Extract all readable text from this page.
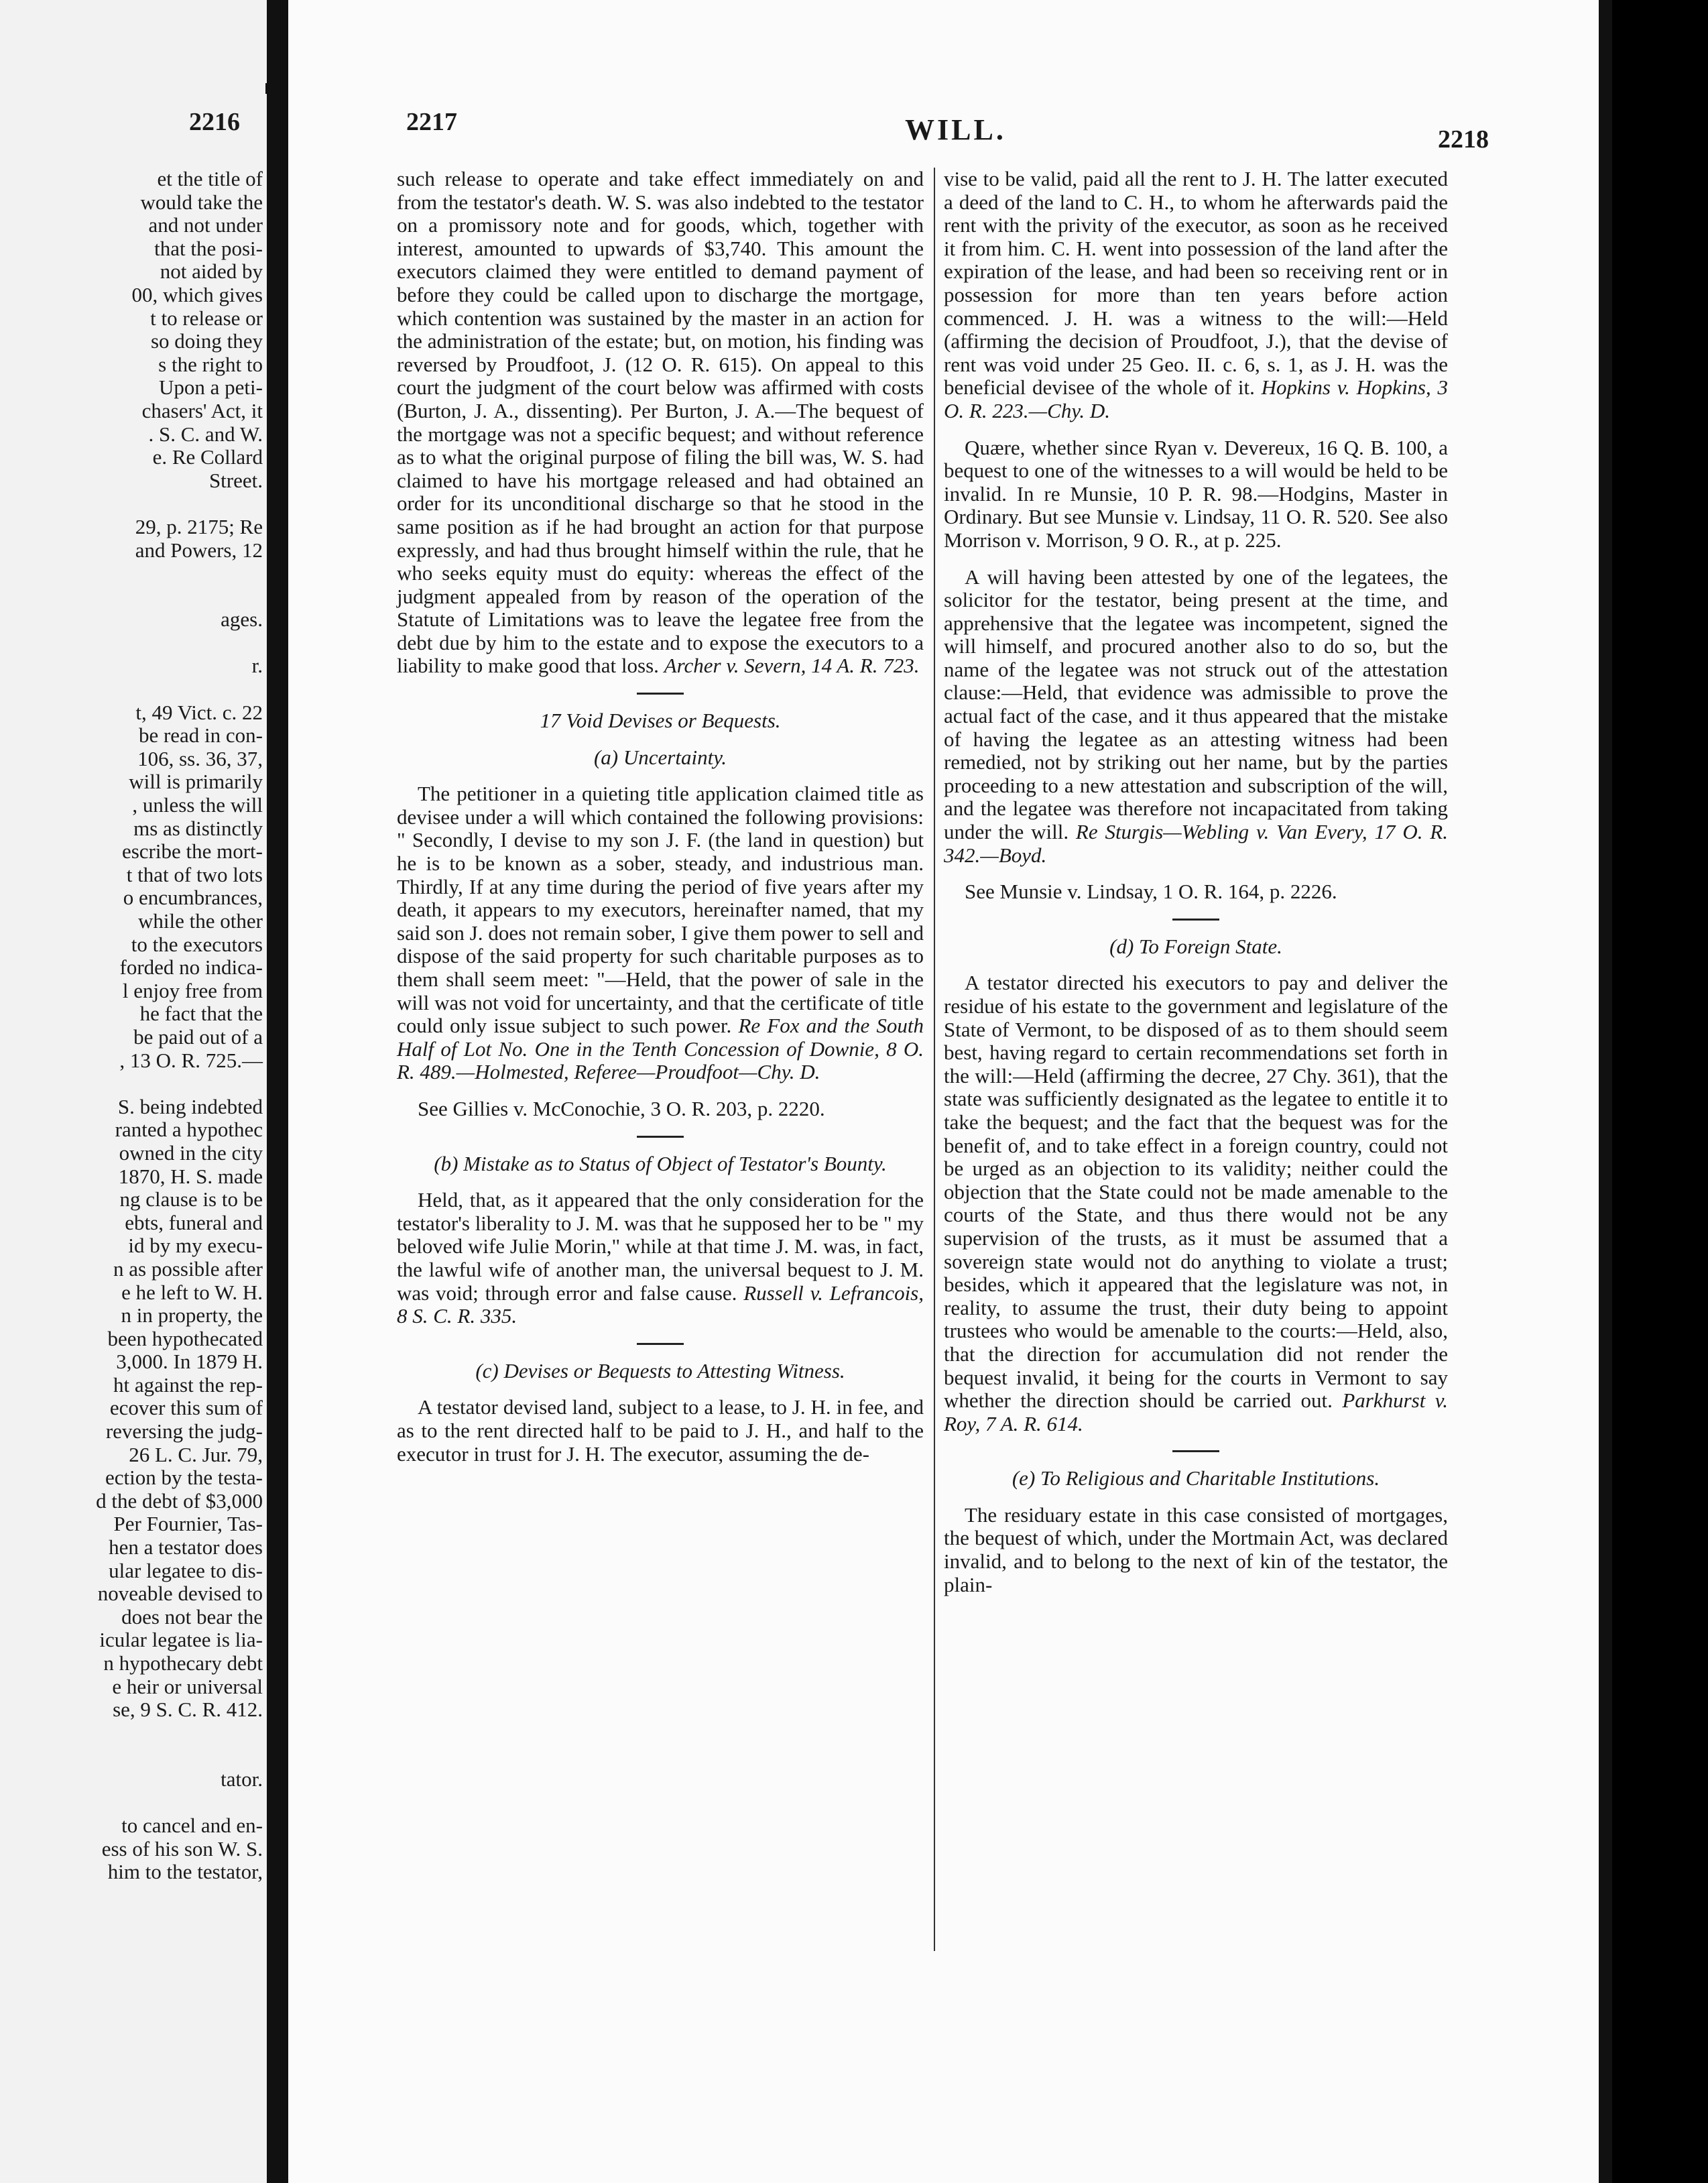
2216
et the title of
would take the
and not under
that the posi-
not aided by
00, which gives
t to release or
so doing they
s the right to
Upon a peti-
chasers' Act, it
. S. C. and W.
e. Re Collard
Street.

29, p. 2175; Re
and Powers, 12

ages.

r.

t, 49 Vict. c. 22
be read in con-
106, ss. 36, 37,
will is primarily
, unless the will
ms as distinctly
escribe the mort-
t that of two lots
o encumbrances,
while the other
to the executors
forded no indica-
l enjoy free from
he fact that the
be paid out of a
, 13 O. R. 725.—

S. being indebted
ranted a hypothec
owned in the city
1870, H. S. made
ng clause is to be
ebts, funeral and
id by my execu-
n as possible after
e he left to W. H.
n in property, the
been hypothecated
3,000. In 1879 H.
ht against the rep-
ecover this sum of
reversing the judg-
26 L. C. Jur. 79,
ection by the testa-
d the debt of $3,000
Per Fournier, Tas-
hen a testator does
ular legatee to dis-
noveable devised to
does not bear the
icular legatee is lia-
n hypothecary debt
e heir or universal
se, 9 S. C. R. 412.

tator.

to cancel and en-
ess of his son W. S.
him to the testator,
2217
2218
WILL.

such release to operate and take effect immediately on and from the testator's death. W. S. was also indebted to the testator on a promissory note and for goods, which, together with interest, amounted to upwards of $3,740. This amount the executors claimed they were entitled to demand payment of before they could be called upon to discharge the mortgage, which contention was sustained by the master in an action for the administration of the estate; but, on motion, his finding was reversed by Proudfoot, J. (12 O. R. 615). On appeal to this court the judgment of the court below was affirmed with costs (Burton, J. A., dissenting). Per Burton, J. A.—The bequest of the mortgage was not a specific bequest; and without reference as to what the original purpose of filing the bill was, W. S. had claimed to have his mortgage released and had obtained an order for its unconditional discharge so that he stood in the same position as if he had brought an action for that purpose expressly, and had thus brought himself within the rule, that he who seeks equity must do equity: whereas the effect of the judgment appealed from by reason of the operation of the Statute of Limitations was to leave the legatee free from the debt due by him to the estate and to expose the executors to a liability to make good that loss. Archer v. Severn, 14 A. R. 723.

17 Void Devises or Bequests.

(a) Uncertainty.

 The petitioner in a quieting title application claimed title as devisee under a will which contained the following provisions: " Secondly, I devise to my son J. F. (the land in question) but he is to be known as a sober, steady, and industrious man. Thirdly, If at any time during the period of five years after my death, it appears to my executors, hereinafter named, that my said son J. does not remain sober, I give them power to sell and dispose of the said property for such charitable purposes as to them shall seem meet: "—Held, that the power of sale in the will was not void for uncertainty, and that the certificate of title could only issue subject to such power. Re Fox and the South Half of Lot No. One in the Tenth Concession of Downie, 8 O. R. 489.—Holmested, Referee—Proudfoot—Chy. D.

 See Gillies v. McConochie, 3 O. R. 203, p. 2220.

(b) Mistake as to Status of Object of Testator's Bounty.

 Held, that, as it appeared that the only consideration for the testator's liberality to J. M. was that he supposed her to be " my beloved wife Julie Morin," while at that time J. M. was, in fact, the lawful wife of another man, the universal bequest to J. M. was void; through error and false cause. Russell v. Lefrancois, 8 S. C. R. 335.

(c) Devises or Bequests to Attesting Witness.

 A testator devised land, subject to a lease, to J. H. in fee, and as to the rent directed half to be paid to J. H., and half to the executor in trust for J. H. The executor, assuming the de-

vise to be valid, paid all the rent to J. H. The latter executed a deed of the land to C. H., to whom he afterwards paid the rent with the privity of the executor, as soon as he received it from him. C. H. went into possession of the land after the expiration of the lease, and had been so receiving rent or in possession for more than ten years before action commenced. J. H. was a witness to the will:—Held (affirming the decision of Proudfoot, J.), that the devise of rent was void under 25 Geo. II. c. 6, s. 1, as J. H. was the beneficial devisee of the whole of it. Hopkins v. Hopkins, 3 O. R. 223.—Chy. D.

 Quære, whether since Ryan v. Devereux, 16 Q. B. 100, a bequest to one of the witnesses to a will would be held to be invalid. In re Munsie, 10 P. R. 98.—Hodgins, Master in Ordinary. But see Munsie v. Lindsay, 11 O. R. 520. See also Morrison v. Morrison, 9 O. R., at p. 225.

 A will having been attested by one of the legatees, the solicitor for the testator, being present at the time, and apprehensive that the legatee was incompetent, signed the will himself, and procured another also to do so, but the name of the legatee was not struck out of the attestation clause:—Held, that evidence was admissible to prove the actual fact of the case, and it thus appeared that the mistake of having the legatee as an attesting witness had been remedied, not by striking out her name, but by the parties proceeding to a new attestation and subscription of the will, and the legatee was therefore not incapacitated from taking under the will. Re Sturgis—Webling v. Van Every, 17 O. R. 342.—Boyd.

 See Munsie v. Lindsay, 1 O. R. 164, p. 2226.

(d) To Foreign State.

 A testator directed his executors to pay and deliver the residue of his estate to the government and legislature of the State of Vermont, to be disposed of as to them should seem best, having regard to certain recommendations set forth in the will:—Held (affirming the decree, 27 Chy. 361), that the state was sufficiently designated as the legatee to entitle it to take the bequest; and the fact that the bequest was for the benefit of, and to take effect in a foreign country, could not be urged as an objection to its validity; neither could the objection that the State could not be made amenable to the courts of the State, and thus there would not be any supervision of the trusts, as it must be assumed that a sovereign state would not do anything to violate a trust; besides, which it appeared that the legislature was not, in reality, to assume the trust, their duty being to appoint trustees who would be amenable to the courts:—Held, also, that the direction for accumulation did not render the bequest invalid, it being for the courts in Vermont to say whether the direction should be carried out. Parkhurst v. Roy, 7 A. R. 614.

(e) To Religious and Charitable Institutions.

 The residuary estate in this case consisted of mortgages, the bequest of which, under the Mortmain Act, was declared invalid, and to belong to the next of kin of the testator, the plain-
